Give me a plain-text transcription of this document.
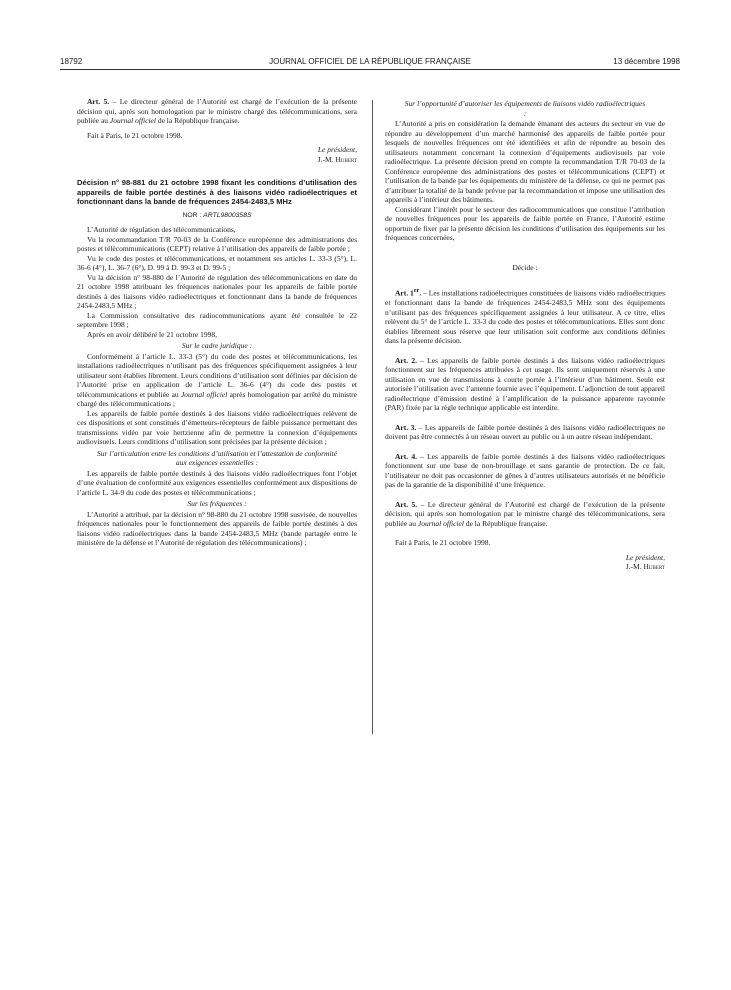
18792	JOURNAL OFFICIEL DE LA RÉPUBLIQUE FRANÇAISE	13 décembre 1998

Art. 5. – Le directeur général de l’Autorité est chargé de l’exécution de la présente décision qui, après son homologation par le ministre chargé des télécommunications, sera publiée au Journal officiel de la République française.

Fait à Paris, le 21 octobre 1998.

Le président,
J.-M. Hubert
Décision n° 98-881 du 21 octobre 1998 fixant les conditions d’utilisation des appareils de faible portée destinés à des liaisons vidéo radioélectriques et fonctionnant dans la bande de fréquences 2454-2483,5 MHz
NOR : ARTL9800358S

L’Autorité de régulation des télécommunications,

Vu la recommandation T/R 70-03 de la Conférence européenne des administrations des postes et télécommunications (CEPT) relative à l’utilisation des appareils de faible portée ;

Vu le code des postes et télécommunications, et notamment ses articles L. 33-3 (5°), L. 36-6 (4°), L. 36-7 (6°), D. 99 à D. 99-3 et D. 99-5 ;

Vu la décision n° 98-880 de l’Autorité de régulation des télécommunications en date du 21 octobre 1998 attribuant les fréquences nationales pour les appareils de faible portée destinés à des liaisons vidéo radioélectriques et fonctionnant dans la bande de fréquences 2454-2483,5 MHz ;

La Commission consultative des radiocommunications ayant été consultée le 22 septembre 1998 ;

Après en avoir délibéré le 21 octobre 1998,

Sur le cadre juridique :

Conformément à l’article L. 33-3 (5°) du code des postes et télécommunications, les installations radioélectriques n’utilisant pas des fréquences spécifiquement assignées à leur utilisateur sont établies librement. Leurs conditions d’utilisation sont définies par décision de l’Autorité prise en application de l’article L. 36-6 (4°) du code des postes et télécommunications et publiée au Journal officiel après homologation par arrêté du ministre chargé des télécommunications ;

Les appareils de faible portée destinés à des liaisons vidéo radioélectriques relèvent de ces dispositions et sont constitués d’émetteurs-récepteurs de faible puissance permettant des transmissions vidéo par voie hertzienne afin de permettre la connexion d’équipements audiovisuels. Leurs conditions d’utilisation sont précisées par la présente décision ;

Sur l’articulation entre les conditions d’utilisation et l’attestation de conformité aux exigences essentielles :

Les appareils de faible portée destinés à des liaisons vidéo radioélectriques font l’objet d’une évaluation de conformité aux exigences essentielles conformément aux dispositions de l’article L. 34-9 du code des postes et télécommunications ;

Sur les fréquences :

L’Autorité a attribué, par la décision n° 98-880 du 21 octobre 1998 susvisée, de nouvelles fréquences nationales pour le fonctionnement des appareils de faible portée destinés à des liaisons vidéo radioélectriques dans la bande 2454-2483,5 MHz (bande partagée entre le ministère de la défense et l’Autorité de régulation des télécommunications) ;

Sur l’opportunité d’autoriser les équipements de liaisons vidéo radioélectriques :

L’Autorité a pris en considération la demande émanant des acteurs du secteur en vue de répondre au développement d’un marché harmonisé des appareils de faible portée pour lesquels de nouvelles fréquences ont été identifiées et afin de répondre au besoin des utilisateurs notamment concernant la connexion d’équipements audiovisuels par voie radioélectrique. La présente décision prend en compte la recommandation T/R 70-03 de la Conférence européenne des administrations des postes et télécommunications (CEPT) et l’utilisation de la bande par les équipements du ministère de la défense, ce qui ne permet pas d’attribuer la totalité de la bande prévue par la recommandation et impose une utilisation des appareils à l’intérieur des bâtiments.

Considérant l’intérêt pour le secteur des radiocommunications que constitue l’attribution de nouvelles fréquences pour les appareils de faible portée en France, l’Autorité estime opportun de fixer par la présente décision les conditions d’utilisation des équipements sur les fréquences concernées,

Décide :

Art. 1er. – Les installations radioélectriques constituées de liaisons vidéo radioélectriques et fonctionnant dans la bande de fréquences 2454-2483,5 MHz sont des équipements n’utilisant pas des fréquences spécifiquement assignées à leur utilisateur. A ce titre, elles relèvent du 5° de l’article L. 33-3 du code des postes et télécommunications. Elles sont donc établies librement sous réserve que leur utilisation soit conforme aux conditions définies dans la présente décision.

Art. 2. – Les appareils de faible portée destinés à des liaisons vidéo radioélectriques fonctionnent sur les fréquences attribuées à cet usage. Ils sont uniquement réservés à une utilisation en vue de transmissions à courte portée à l’intérieur d’un bâtiment. Seule est autorisée l’utilisation avec l’antenne fournie avec l’équipement. L’adjonction de tout appareil radioélectrique d’émission destiné à l’amplification de la puissance apparente rayonnée (PAR) fixée par la règle technique applicable est interdite.

Art. 3. – Les appareils de faible portée destinés à des liaisons vidéo radioélectriques ne doivent pas être connectés à un réseau ouvert au public ou à un autre réseau indépendant.

Art. 4. – Les appareils de faible portée destinés à des liaisons vidéo radioélectriques fonctionnent sur une base de non-brouillage et sans garantie de protection. De ce fait, l’utilisateur ne doit pas occasionner de gênes à d’autres utilisateurs autorisés et ne bénéficie pas de la garantie de la disponibilité d’une fréquence.

Art. 5. – Le directeur général de l’Autorité est chargé de l’exécution de la présente décision, qui après son homologation par le ministre chargé des télécommunications, sera publiée au Journal officiel de la République française.

Fait à Paris, le 21 octobre 1998.

Le président,
J.-M. Hubert
